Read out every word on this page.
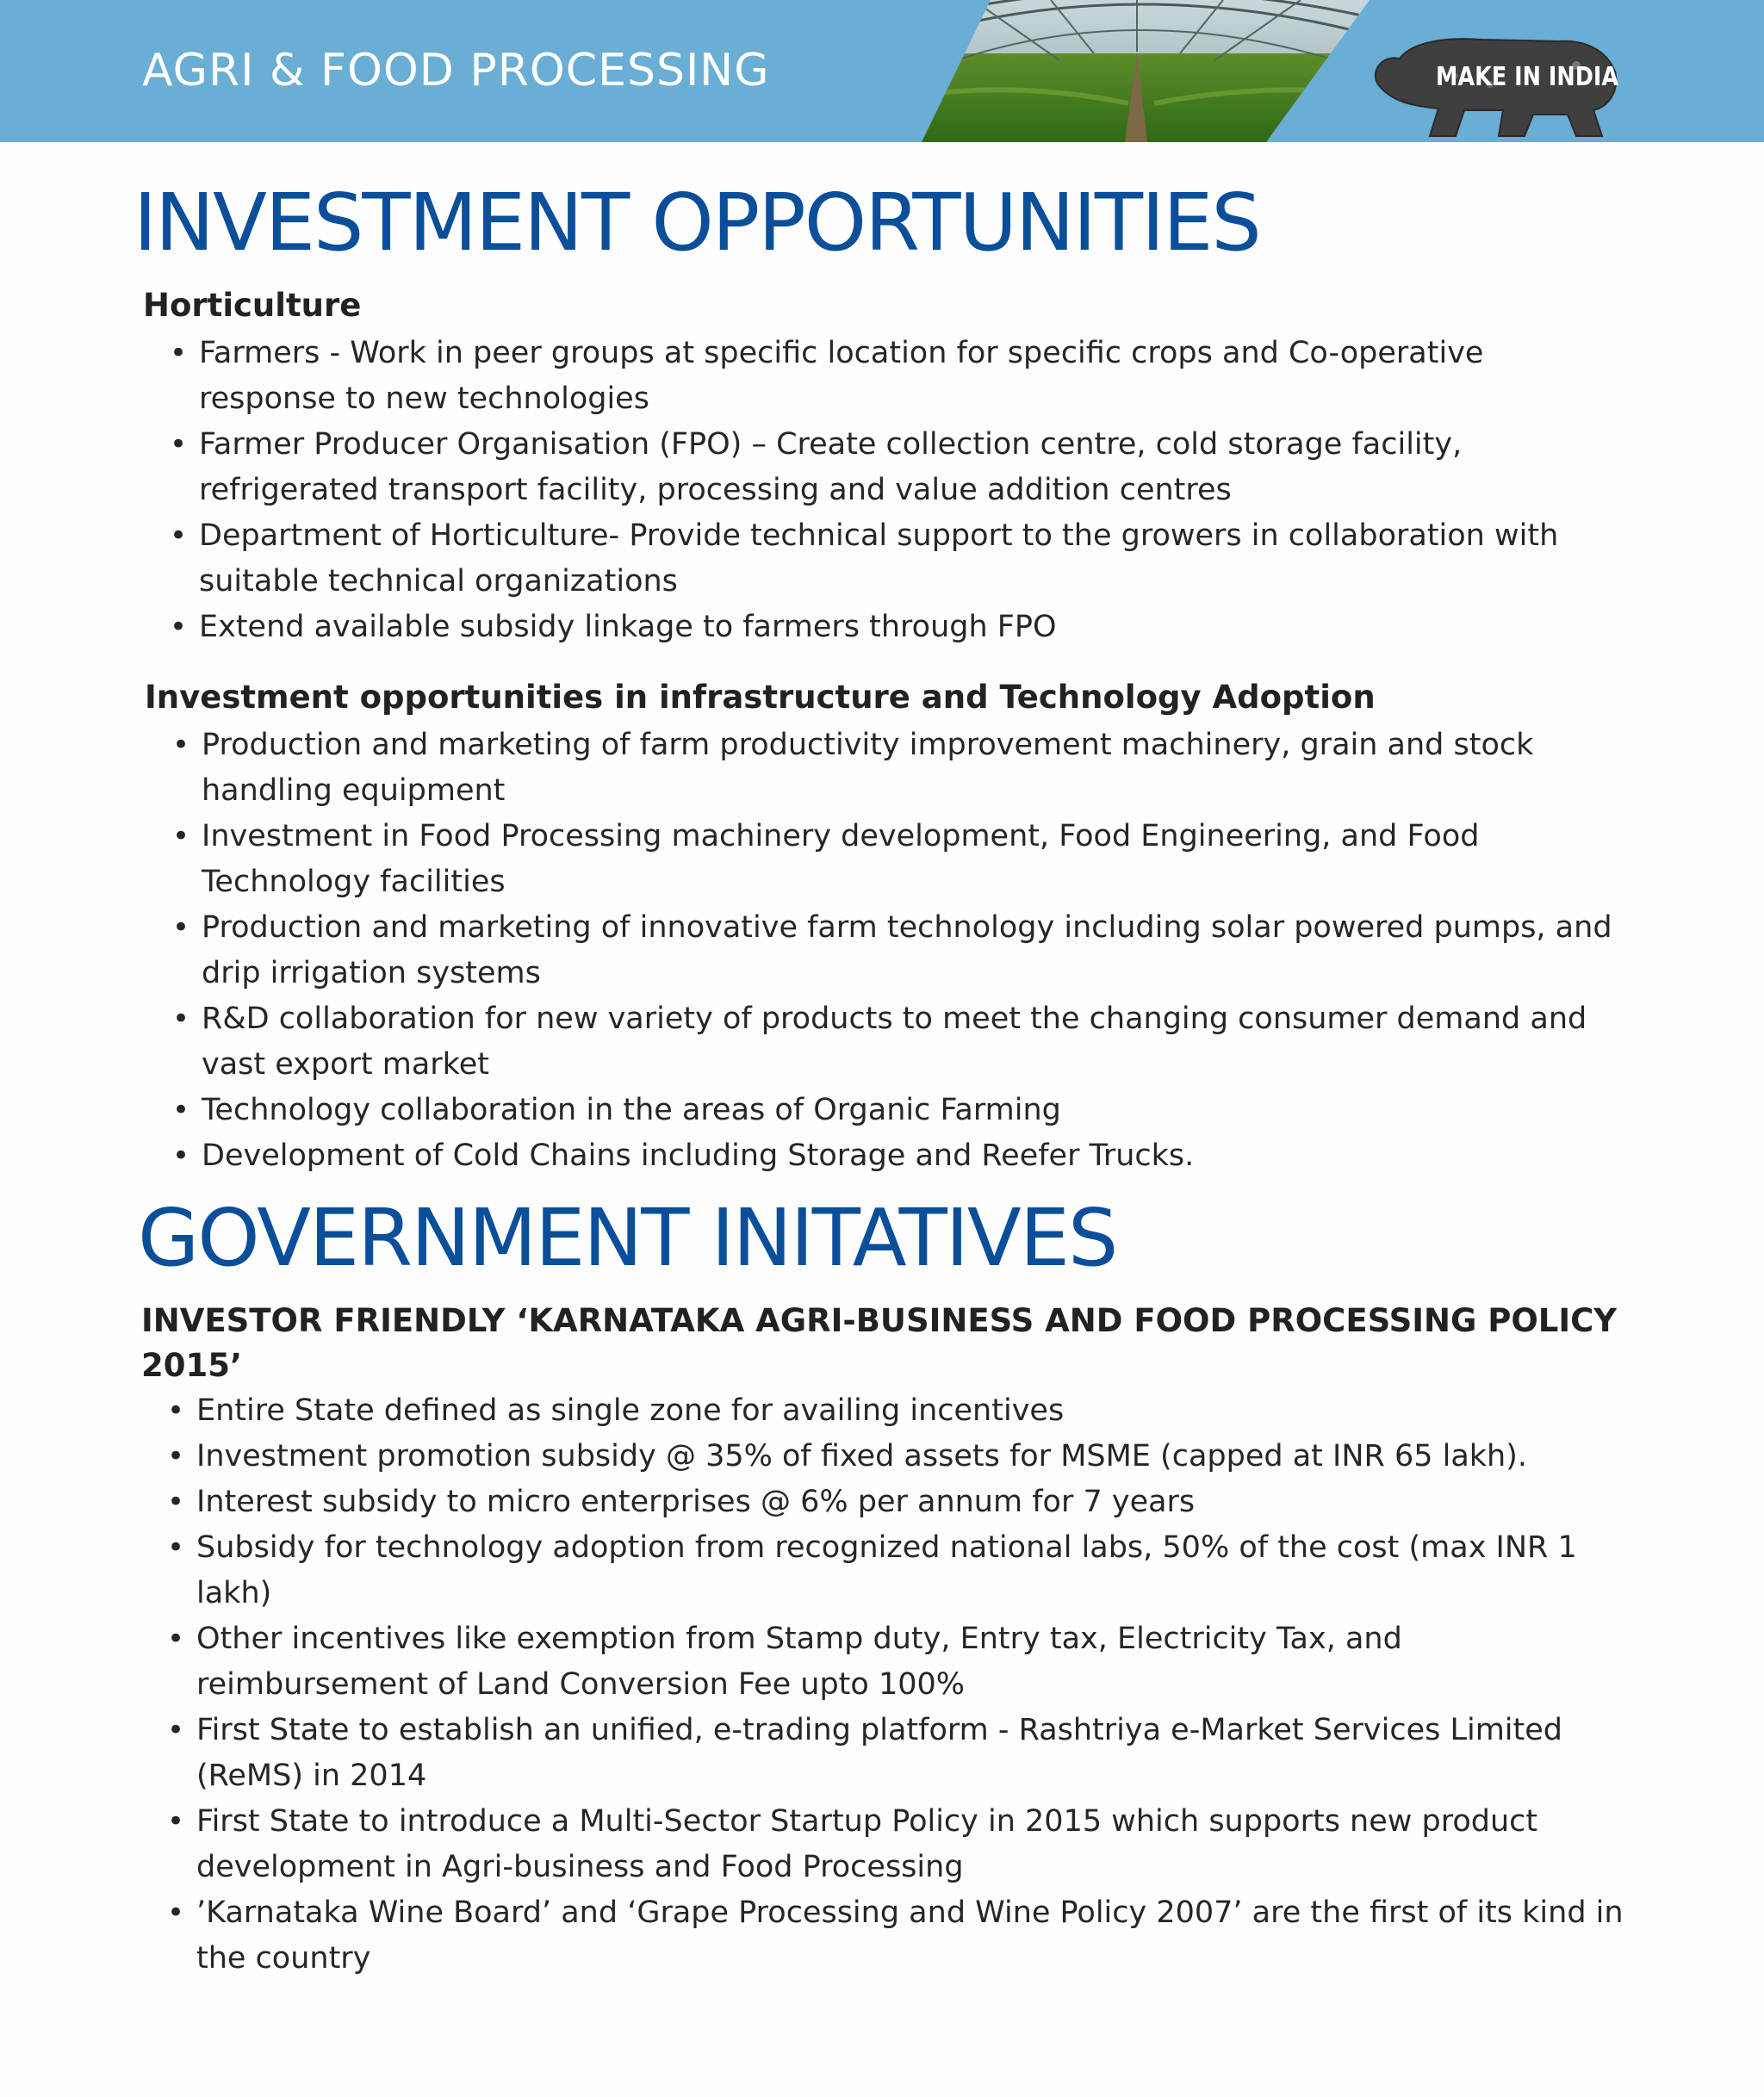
AGRI & FOOD PROCESSING	MAKE IN INDIA
INVESTMENT OPPORTUNITIES
Horticulture
• Farmers - Work in peer groups at specific location for specific crops and Co-operative response to new technologies
• Farmer Producer Organisation (FPO) – Create collection centre, cold storage facility, refrigerated transport facility, processing and value addition centres
• Department of Horticulture- Provide technical support to the growers in collaboration with suitable technical organizations
• Extend available subsidy linkage to farmers through FPO
Investment opportunities in infrastructure and Technology Adoption
• Production and marketing of farm productivity improvement machinery, grain and stock handling equipment
• Investment in Food Processing machinery development, Food Engineering, and Food Technology facilities
• Production and marketing of innovative farm technology including solar powered pumps, and drip irrigation systems
• R&D collaboration for new variety of products to meet the changing consumer demand and vast export market
• Technology collaboration in the areas of Organic Farming
• Development of Cold Chains including Storage and Reefer Trucks.
GOVERNMENT INITATIVES
INVESTOR FRIENDLY ‘KARNATAKA AGRI-BUSINESS AND FOOD PROCESSING POLICY 2015’
• Entire State defined as single zone for availing incentives
• Investment promotion subsidy @ 35% of fixed assets for MSME (capped at INR 65 lakh).
• Interest subsidy to micro enterprises @ 6% per annum for 7 years
• Subsidy for technology adoption from recognized national labs, 50% of the cost (max INR 1 lakh)
• Other incentives like exemption from Stamp duty, Entry tax, Electricity Tax, and reimbursement of Land Conversion Fee upto 100%
• First State to establish an unified, e-trading platform - Rashtriya e-Market Services Limited (ReMS) in 2014
• First State to introduce a Multi-Sector Startup Policy in 2015 which supports new product development in Agri-business and Food Processing
• ’Karnataka Wine Board’ and ‘Grape Processing and Wine Policy 2007’ are the first of its kind in the country
